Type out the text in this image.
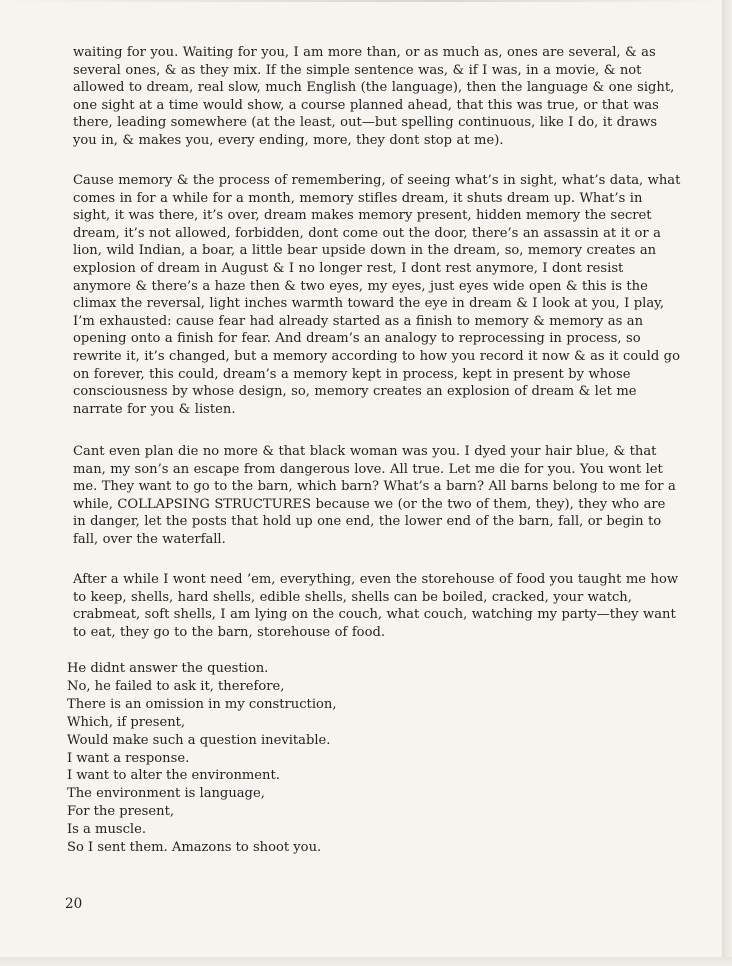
waiting for you. Waiting for you, I am more than, or as much as, ones are several, & as several ones, & as they mix. If the simple sentence was, & if I was, in a movie, & not allowed to dream, real slow, much English (the language), then the language & one sight, one sight at a time would show, a course planned ahead, that this was true, or that was there, leading somewhere (at the least, out—but spelling continuous, like I do, it draws you in, & makes you, every ending, more, they dont stop at me).

Cause memory & the process of remembering, of seeing what’s in sight, what’s data, what comes in for a while for a month, memory stifles dream, it shuts dream up. What’s in sight, it was there, it’s over, dream makes memory present, hidden memory the secret dream, it’s not allowed, forbidden, dont come out the door, there’s an assassin at it or a lion, wild Indian, a boar, a little bear upside down in the dream, so, memory creates an explosion of dream in August & I no longer rest, I dont rest anymore, I dont resist anymore & there’s a haze then & two eyes, my eyes, just eyes wide open & this is the climax the reversal, light inches warmth toward the eye in dream & I look at you, I play, I’m exhausted: cause fear had already started as a finish to memory & memory as an opening onto a finish for fear. And dream’s an analogy to reprocessing in process, so rewrite it, it’s changed, but a memory according to how you record it now & as it could go on forever, this could, dream’s a memory kept in process, kept in present by whose consciousness by whose design, so, memory creates an explosion of dream & let me narrate for you & listen.

Cant even plan die no more & that black woman was you. I dyed your hair blue, & that man, my son’s an escape from dangerous love. All true. Let me die for you. You wont let me. They want to go to the barn, which barn? What’s a barn? All barns belong to me for a while, COLLAPSING STRUCTURES because we (or the two of them, they), they who are in danger, let the posts that hold up one end, the lower end of the barn, fall, or begin to fall, over the waterfall.

After a while I wont need ’em, everything, even the storehouse of food you taught me how to keep, shells, hard shells, edible shells, shells can be boiled, cracked, your watch, crabmeat, soft shells, I am lying on the couch, what couch, watching my party—they want to eat, they go to the barn, storehouse of food.

He didnt answer the question.
No, he failed to ask it, therefore,
There is an omission in my construction,
Which, if present,
Would make such a question inevitable.
I want a response.
I want to alter the environment.
The environment is language,
For the present,
Is a muscle.
So I sent them. Amazons to shoot you.
20
